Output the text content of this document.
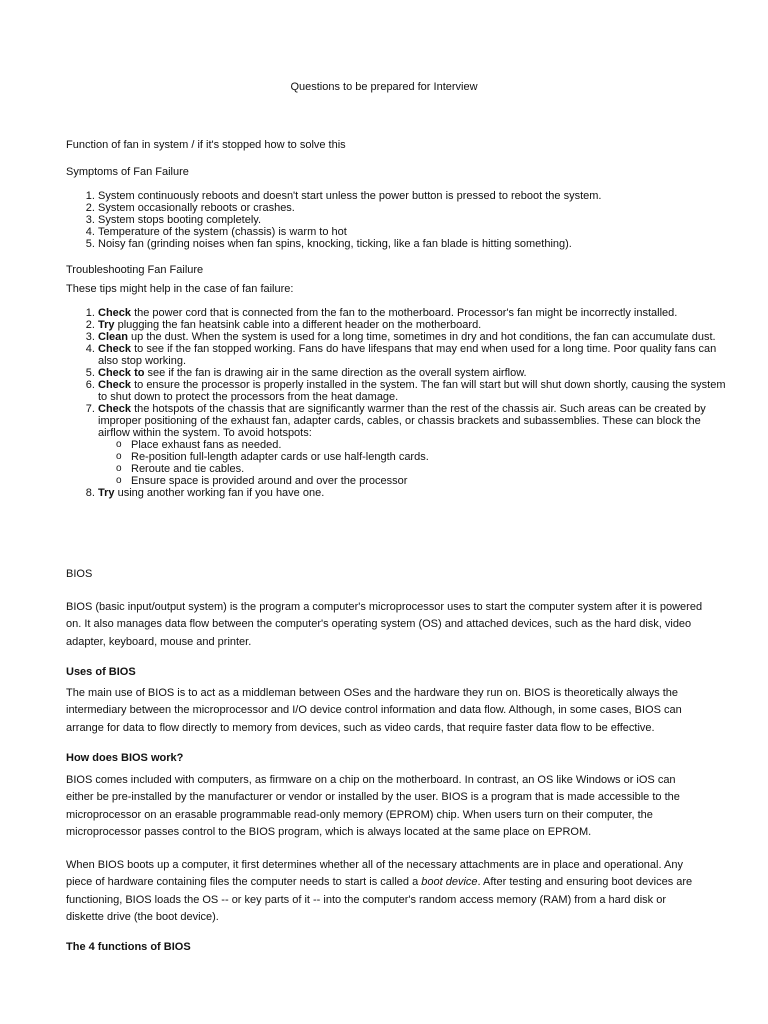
Questions to be prepared for Interview

Function of fan in system / if it's stopped how to solve this

Symptoms of Fan Failure

1. System continuously reboots and doesn't start unless the power button is pressed to reboot the system.
2. System occasionally reboots or crashes.
3. System stops booting completely.
4. Temperature of the system (chassis) is warm to hot
5. Noisy fan (grinding noises when fan spins, knocking, ticking, like a fan blade is hitting something).

Troubleshooting Fan Failure

These tips might help in the case of fan failure:

1. Check the power cord that is connected from the fan to the motherboard. Processor's fan might be incorrectly installed.
2. Try plugging the fan heatsink cable into a different header on the motherboard.
3. Clean up the dust. When the system is used for a long time, sometimes in dry and hot conditions, the fan can accumulate dust.
4. Check to see if the fan stopped working. Fans do have lifespans that may end when used for a long time. Poor quality fans can also stop working.
5. Check to see if the fan is drawing air in the same direction as the overall system airflow.
6. Check to ensure the processor is properly installed in the system. The fan will start but will shut down shortly, causing the system to shut down to protect the processors from the heat damage.
7. Check the hotspots of the chassis that are significantly warmer than the rest of the chassis air. Such areas can be created by improper positioning of the exhaust fan, adapter cards, cables, or chassis brackets and subassemblies. These can block the airflow within the system. To avoid hotspots:
o Place exhaust fans as needed.
o Re-position full-length adapter cards or use half-length cards.
o Reroute and tie cables.
o Ensure space is provided around and over the processor
8. Try using another working fan if you have one.

BIOS

BIOS (basic input/output system) is the program a computer's microprocessor uses to start the computer system after it is powered on. It also manages data flow between the computer's operating system (OS) and attached devices, such as the hard disk, video adapter, keyboard, mouse and printer.

Uses of BIOS

The main use of BIOS is to act as a middleman between OSes and the hardware they run on. BIOS is theoretically always the intermediary between the microprocessor and I/O device control information and data flow. Although, in some cases, BIOS can arrange for data to flow directly to memory from devices, such as video cards, that require faster data flow to be effective.

How does BIOS work?

BIOS comes included with computers, as firmware on a chip on the motherboard. In contrast, an OS like Windows or iOS can either be pre-installed by the manufacturer or vendor or installed by the user. BIOS is a program that is made accessible to the microprocessor on an erasable programmable read-only memory (EPROM) chip. When users turn on their computer, the microprocessor passes control to the BIOS program, which is always located at the same place on EPROM.

When BIOS boots up a computer, it first determines whether all of the necessary attachments are in place and operational. Any piece of hardware containing files the computer needs to start is called a boot device. After testing and ensuring boot devices are functioning, BIOS loads the OS -- or key parts of it -- into the computer's random access memory (RAM) from a hard disk or diskette drive (the boot device).

The 4 functions of BIOS
